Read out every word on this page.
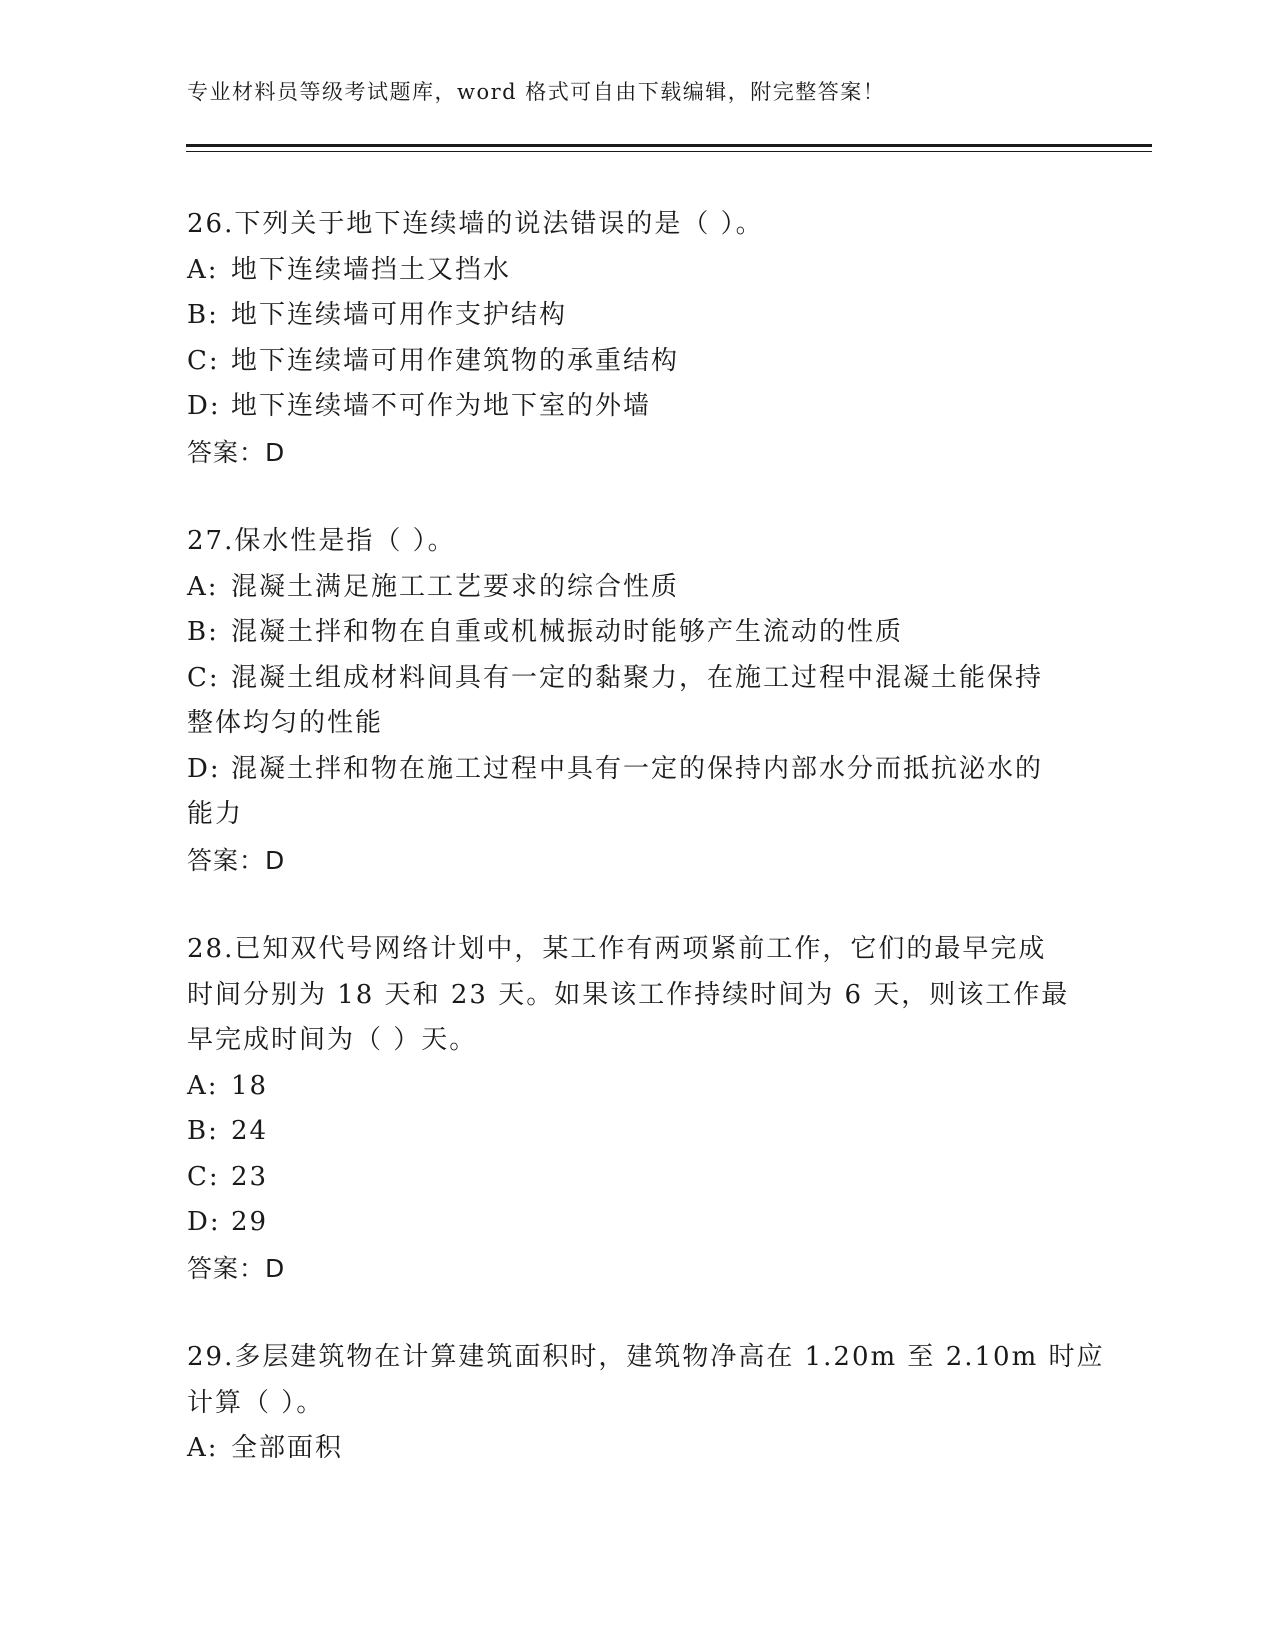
专业材料员等级考试题库，word 格式可自由下载编辑，附完整答案！
26.下列关于地下连续墙的说法错误的是（ ）。
A: 地下连续墙挡土又挡水
B: 地下连续墙可用作支护结构
C: 地下连续墙可用作建筑物的承重结构
D: 地下连续墙不可作为地下室的外墙
答案：D
27.保水性是指（ ）。
A: 混凝土满足施工工艺要求的综合性质
B: 混凝土拌和物在自重或机械振动时能够产生流动的性质
C: 混凝土组成材料间具有一定的黏聚力，在施工过程中混凝土能保持
整体均匀的性能
D: 混凝土拌和物在施工过程中具有一定的保持内部水分而抵抗泌水的
能力
答案：D
28.已知双代号网络计划中，某工作有两项紧前工作，它们的最早完成
时间分别为 18 天和 23 天。如果该工作持续时间为 6 天，则该工作最
早完成时间为（ ）天。
A: 18
B: 24
C: 23
D: 29
答案：D
29.多层建筑物在计算建筑面积时，建筑物净高在 1.20m 至 2.10m 时应
计算（ ）。
A: 全部面积
